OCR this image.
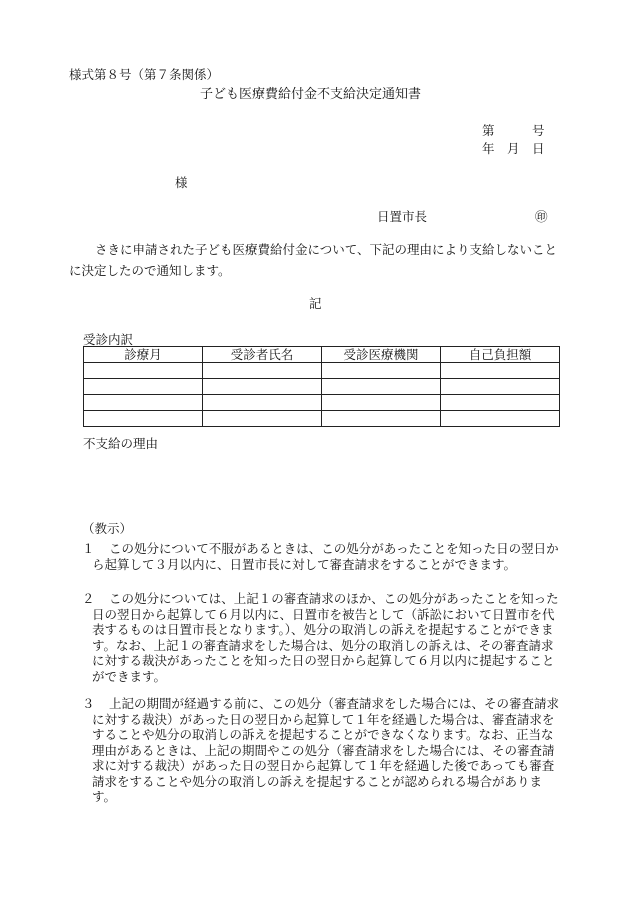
様式第８号（第７条関係）
子ども医療費給付金不支給決定通知書
第　　　号
年　月　日
様
日置市長	㊞
さきに申請された子ども医療費給付金について、下記の理由により支給しないことに決定したので通知します。
記
受診内訳
診療月	受診者氏名	受診医療機関	自己負担額

不支給の理由
（教示）
１	この処分について不服があるときは、この処分があったことを知った日の翌日から起算して３月以内に、日置市長に対して審査請求をすることができます。
２	この処分については、上記１の審査請求のほか、この処分があったことを知った日の翌日から起算して６月以内に、日置市を被告として（訴訟において日置市を代表するものは日置市長となります。）、処分の取消しの訴えを提起することができます。なお、上記１の審査請求をした場合は、処分の取消しの訴えは、その審査請求に対する裁決があったことを知った日の翌日から起算して６月以内に提起することができます。
３	上記の期間が経過する前に、この処分（審査請求をした場合には、その審査請求に対する裁決）があった日の翌日から起算して１年を経過した場合は、審査請求をすることや処分の取消しの訴えを提起することができなくなります。なお、正当な理由があるときは、上記の期間やこの処分（審査請求をした場合には、その審査請求に対する裁決）があった日の翌日から起算して１年を経過した後であっても審査請求をすることや処分の取消しの訴えを提起することが認められる場合があります。
